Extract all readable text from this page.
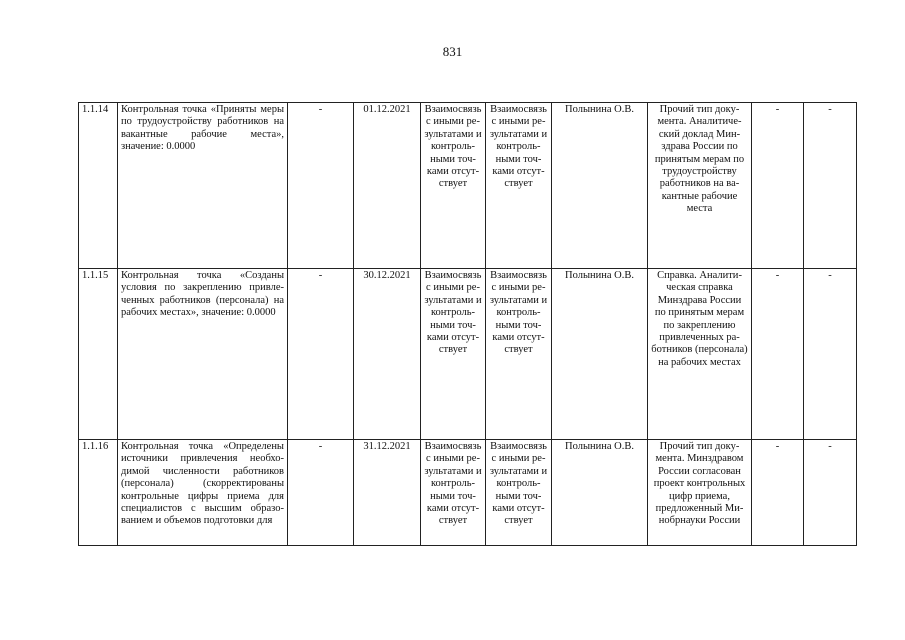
831
1.1.14	Контрольная точка «Приняты меры по трудоустройству работников на вакантные рабочие места», значение: 0.0000	-	01.12.2021	Взаимосвязь с иными результатами и контрольными точками отсутствует	Взаимосвязь с иными результатами и контрольными точками отсутствует	Полынина О.В.	Прочий тип документа. Аналитический доклад Минздрава России по принятым мерам по трудоустройству работников на вакантные рабочие места	-	-
1.1.15	Контрольная точка «Созданы условия по закреплению привлеченных работников (персонала) на рабочих местах», значение: 0.0000	-	30.12.2021	Взаимосвязь с иными результатами и контрольными точками отсутствует	Взаимосвязь с иными результатами и контрольными точками отсутствует	Полынина О.В.	Справка. Аналитическая справка Минздрава России по принятым мерам по закреплению привлеченных работников (персонала) на рабочих местах	-	-
1.1.16	Контрольная точка «Определены источники привлечения необходимой численности работников (персонала) (скорректированы контрольные цифры приема для специалистов с высшим образованием и объемов подготовки для	-	31.12.2021	Взаимосвязь с иными результатами и контрольными точками отсутствует	Взаимосвязь с иными результатами и контрольными точками отсутствует	Полынина О.В.	Прочий тип документа. Минздравом России согласован проект контрольных цифр приема, предложенный Минобрнауки России	-	-
